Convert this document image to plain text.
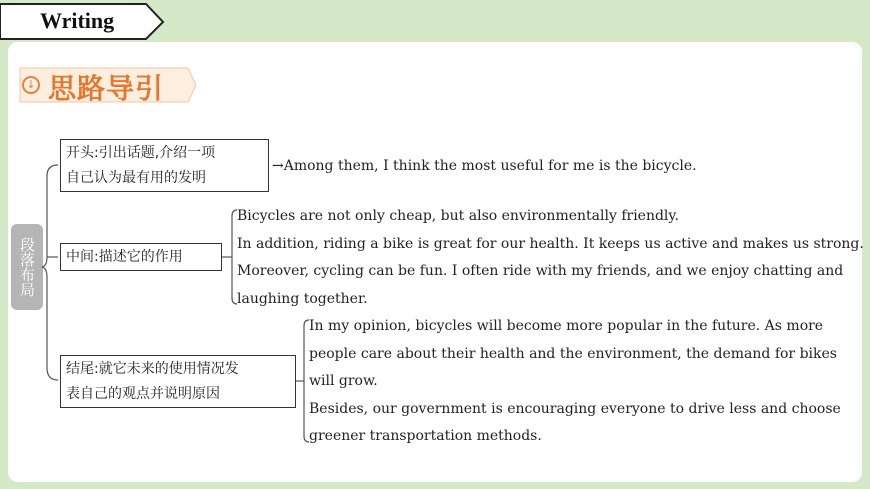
Writing
↓ 思路导引
段落布局
开头:引出话题,介绍一项
自己认为最有用的发明
中间:描述它的作用
结尾:就它未来的使用情况发
表自己的观点并说明原因
→Among them, I think the most useful for me is the bicycle.
Bicycles are not only cheap, but also environmentally friendly.
In addition, riding a bike is great for our health. It keeps us active and makes us strong.
Moreover, cycling can be fun. I often ride with my friends, and we enjoy chatting and
laughing together.
In my opinion, bicycles will become more popular in the future. As more
people care about their health and the environment, the demand for bikes
will grow.
Besides, our government is encouraging everyone to drive less and choose
greener transportation methods.
